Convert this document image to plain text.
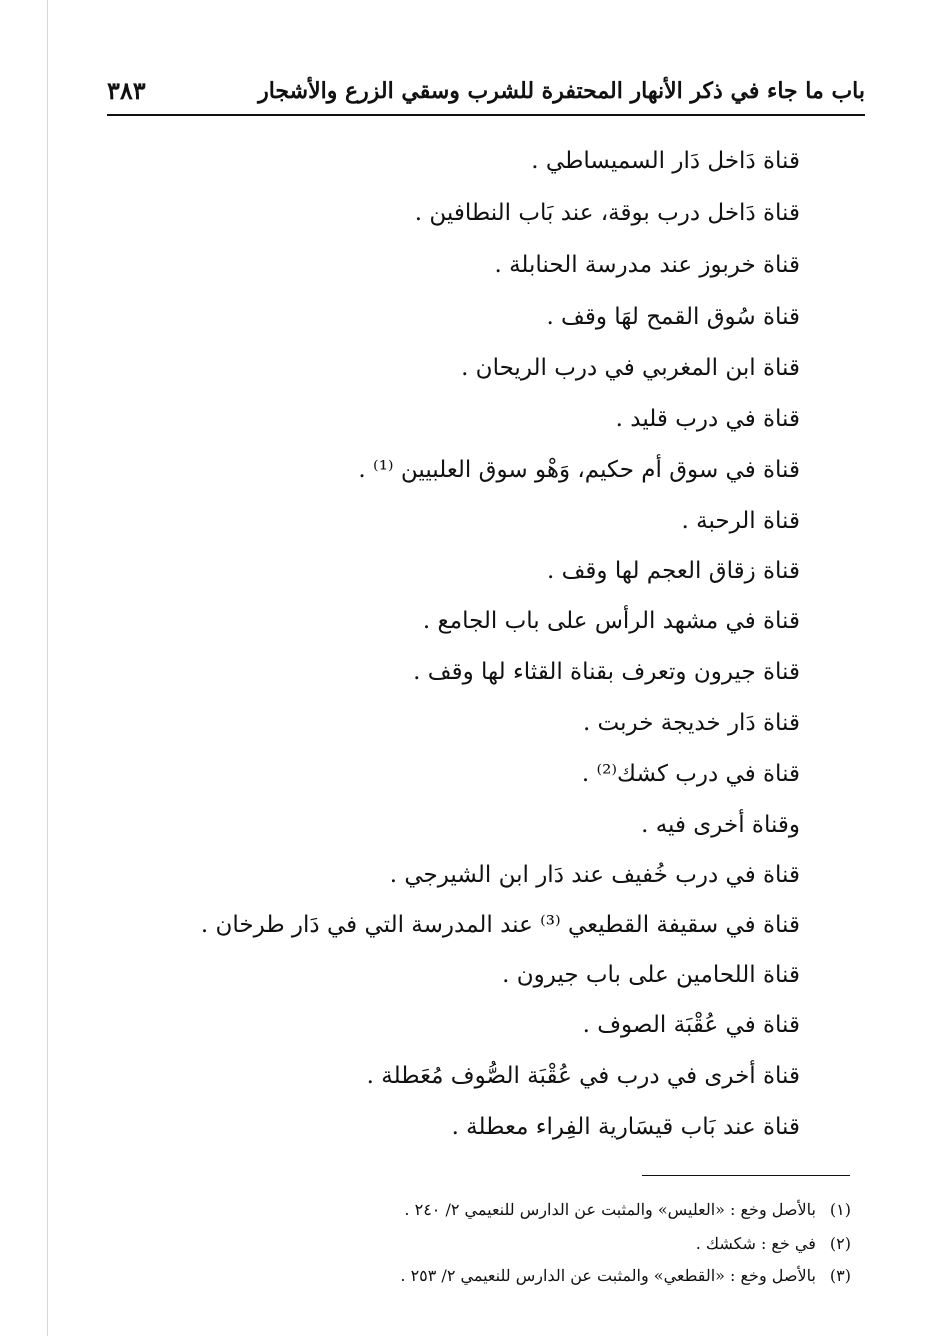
باب ما جاء في ذكر الأنهار المحتفرة للشرب وسقي الزرع والأشجار
٣٨٣
قناة دَاخل دَار السميساطي .
قناة دَاخل درب بوقة، عند بَاب النطافين .
قناة خربوز عند مدرسة الحنابلة .
قناة سُوق القمح لهَا وقف .
قناة ابن المغربي في درب الريحان .
قناة في درب قليد .
قناة في سوق أم حكيم، وَهْو سوق العلبيين ⁽¹⁾ .
قناة الرحبة .
قناة زقاق العجم لها وقف .
قناة في مشهد الرأس على باب الجامع .
قناة جيرون وتعرف بقناة القثاء لها وقف .
قناة دَار خديجة خربت .
قناة في درب كشك⁽²⁾ .
وقناة أخرى فيه .
قناة في درب خُفيف عند دَار ابن الشيرجي .
قناة في سقيفة القطيعي ⁽³⁾ عند المدرسة التي في دَار طرخان .
قناة اللحامين على باب جيرون .
قناة في عُقْبَة الصوف .
قناة أخرى في درب في عُقْبَة الصُّوف مُعَطلة .
قناة عند بَاب قيسَارية الفِراء معطلة .
(١)بالأصل وخع : «العليس» والمثبت عن الدارس للنعيمي ٢/ ٢٤٠ .
(٢)في خع : شكشك .
(٣)بالأصل وخع : «القطعي» والمثبت عن الدارس للنعيمي ٢/ ٢٥٣ .
